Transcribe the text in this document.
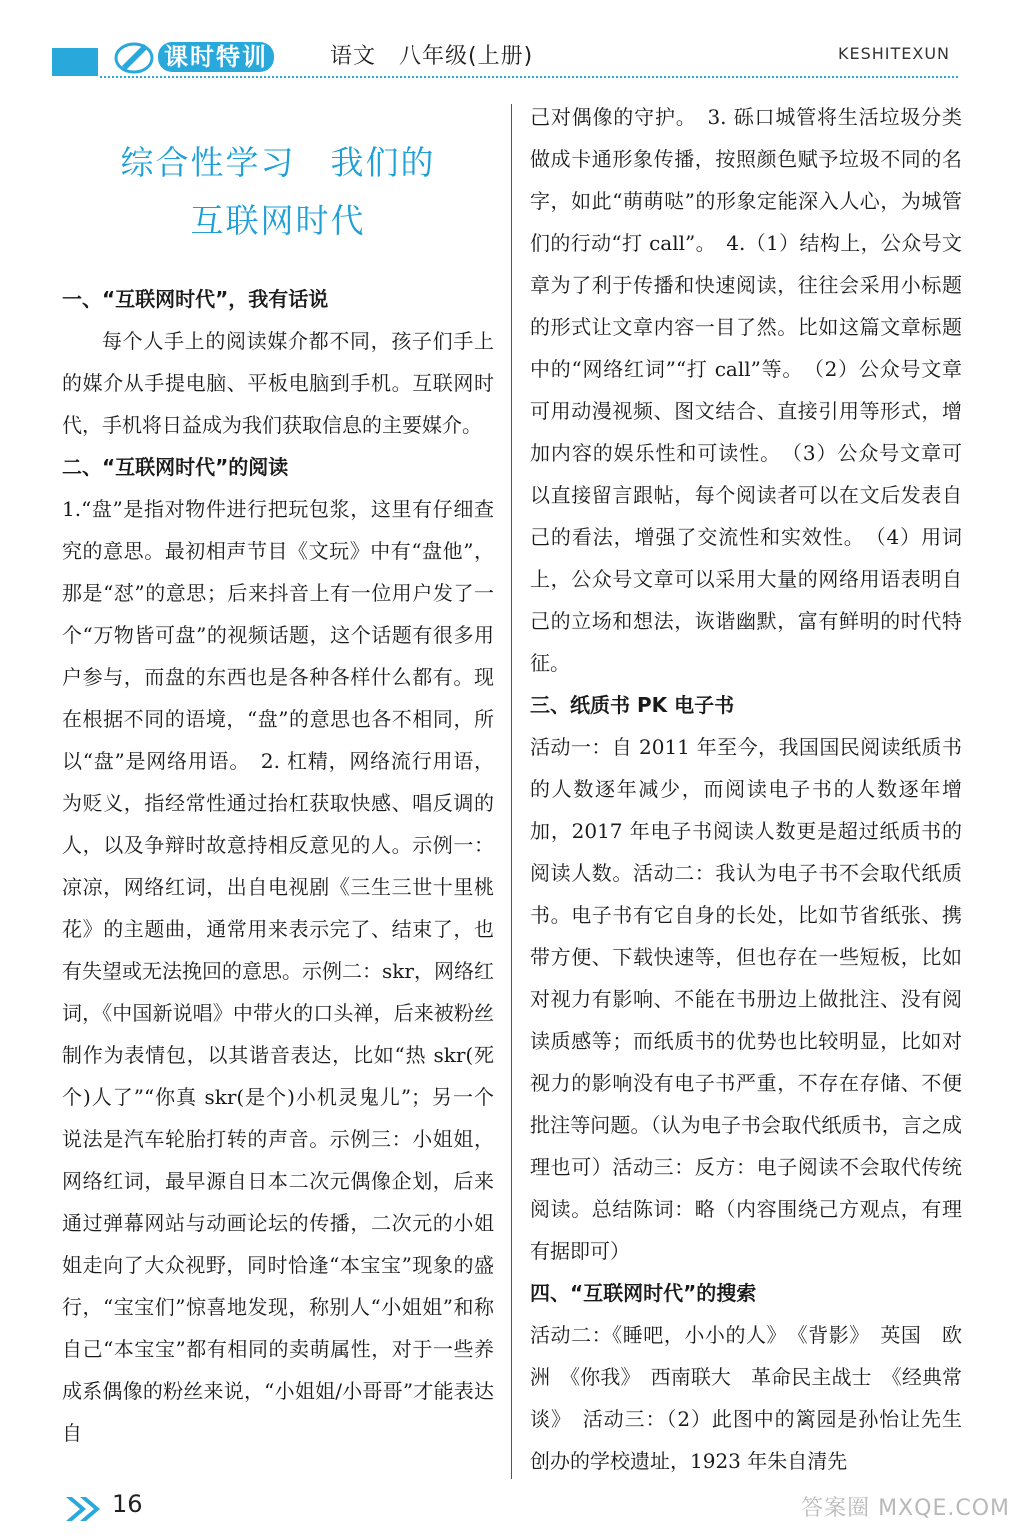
课时特训	语文　八年级(上册)	KESHITEXUN
综合性学习　我们的
互联网时代

一、“互联网时代”，我有话说

每个人手上的阅读媒介都不同，孩子们手上的媒介从手提电脑、平板电脑到手机。互联网时代，手机将日益成为我们获取信息的主要媒介。

二、“互联网时代”的阅读

1.“盘”是指对物件进行把玩包浆，这里有仔细查究的意思。最初相声节目《文玩》中有“盘他”，那是“怼”的意思；后来抖音上有一位用户发了一个“万物皆可盘”的视频话题，这个话题有很多用户参与，而盘的东西也是各种各样什么都有。现在根据不同的语境，“盘”的意思也各不相同，所以“盘”是网络用语。　2. 杠精，网络流行用语，为贬义，指经常性通过抬杠获取快感、唱反调的人，以及争辩时故意持相反意见的人。示例一：凉凉，网络红词，出自电视剧《三生三世十里桃花》的主题曲，通常用来表示完了、结束了，也有失望或无法挽回的意思。示例二：skr，网络红词，《中国新说唱》中带火的口头禅，后来被粉丝制作为表情包，以其谐音表达，比如“热 skr(死个)人了”“你真 skr(是个)小机灵鬼儿”；另一个说法是汽车轮胎打转的声音。示例三：小姐姐，网络红词，最早源自日本二次元偶像企划，后来通过弹幕网站与动画论坛的传播，二次元的小姐姐走向了大众视野，同时恰逢“本宝宝”现象的盛行，“宝宝们”惊喜地发现，称别人“小姐姐”和称自己“本宝宝”都有相同的卖萌属性，对于一些养成系偶像的粉丝来说，“小姐姐/小哥哥”才能表达自

己对偶像的守护。　3. 砾口城管将生活垃圾分类做成卡通形象传播，按照颜色赋予垃圾不同的名字，如此“萌萌哒”的形象定能深入人心，为城管们的行动“打 call”。　4.（1）结构上，公众号文章为了利于传播和快速阅读，往往会采用小标题的形式让文章内容一目了然。比如这篇文章标题中的“网络红词”“打 call”等。　（2）公众号文章可用动漫视频、图文结合、直接引用等形式，增加内容的娱乐性和可读性。　（3）公众号文章可以直接留言跟帖，每个阅读者可以在文后发表自己的看法，增强了交流性和实效性。　（4）用词上，公众号文章可以采用大量的网络用语表明自己的立场和想法，诙谐幽默，富有鲜明的时代特征。

三、纸质书 PK 电子书

活动一：自 2011 年至今，我国国民阅读纸质书的人数逐年减少，而阅读电子书的人数逐年增加，2017 年电子书阅读人数更是超过纸质书的阅读人数。活动二：我认为电子书不会取代纸质书。电子书有它自身的长处，比如节省纸张、携带方便、下载快速等，但也存在一些短板，比如对视力有影响、不能在书册边上做批注、没有阅读质感等；而纸质书的优势也比较明显，比如对视力的影响没有电子书严重，不存在存储、不便批注等问题。（认为电子书会取代纸质书，言之成理也可）活动三：反方：电子阅读不会取代传统阅读。总结陈词：略（内容围绕己方观点，有理有据即可）

四、“互联网时代”的搜索

活动二：《睡吧，小小的人》　《背影》　英国　欧洲　《你我》　西南联大　革命民主战士　《经典常谈》　活动三：（2）此图中的篱园是孙怡让先生创办的学校遗址，1923 年朱自清先

16	答案圈 MXQE.COM
